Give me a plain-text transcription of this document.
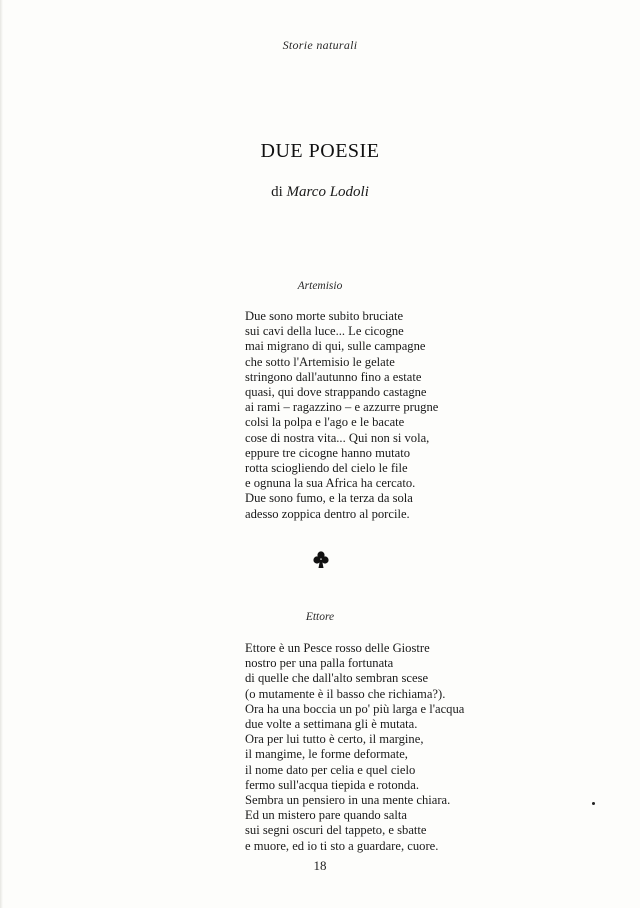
Storie naturali
DUE POESIE
di Marco Lodoli
Artemisio
Due sono morte subito bruciate
sui cavi della luce... Le cicogne
mai migrano di qui, sulle campagne
che sotto l'Artemisio le gelate
stringono dall'autunno fino a estate
quasi, qui dove strappando castagne
ai rami – ragazzino – e azzurre prugne
colsi la polpa e l'ago e le bacate
cose di nostra vita... Qui non si vola,
eppure tre cicogne hanno mutato
rotta sciogliendo del cielo le file
e ognuna la sua Africa ha cercato.
Due sono fumo, e la terza da sola
adesso zoppica dentro al porcile.
Ettore
Ettore è un Pesce rosso delle Giostre
nostro per una palla fortunata
di quelle che dall'alto sembran scese
(o mutamente è il basso che richiama?).
Ora ha una boccia un po' più larga e l'acqua
due volte a settimana gli è mutata.
Ora per lui tutto è certo, il margine,
il mangime, le forme deformate,
il nome dato per celia e quel cielo
fermo sull'acqua tiepida e rotonda.
Sembra un pensiero in una mente chiara.
Ed un mistero pare quando salta
sui segni oscuri del tappeto, e sbatte
e muore, ed io ti sto a guardare, cuore.
18
